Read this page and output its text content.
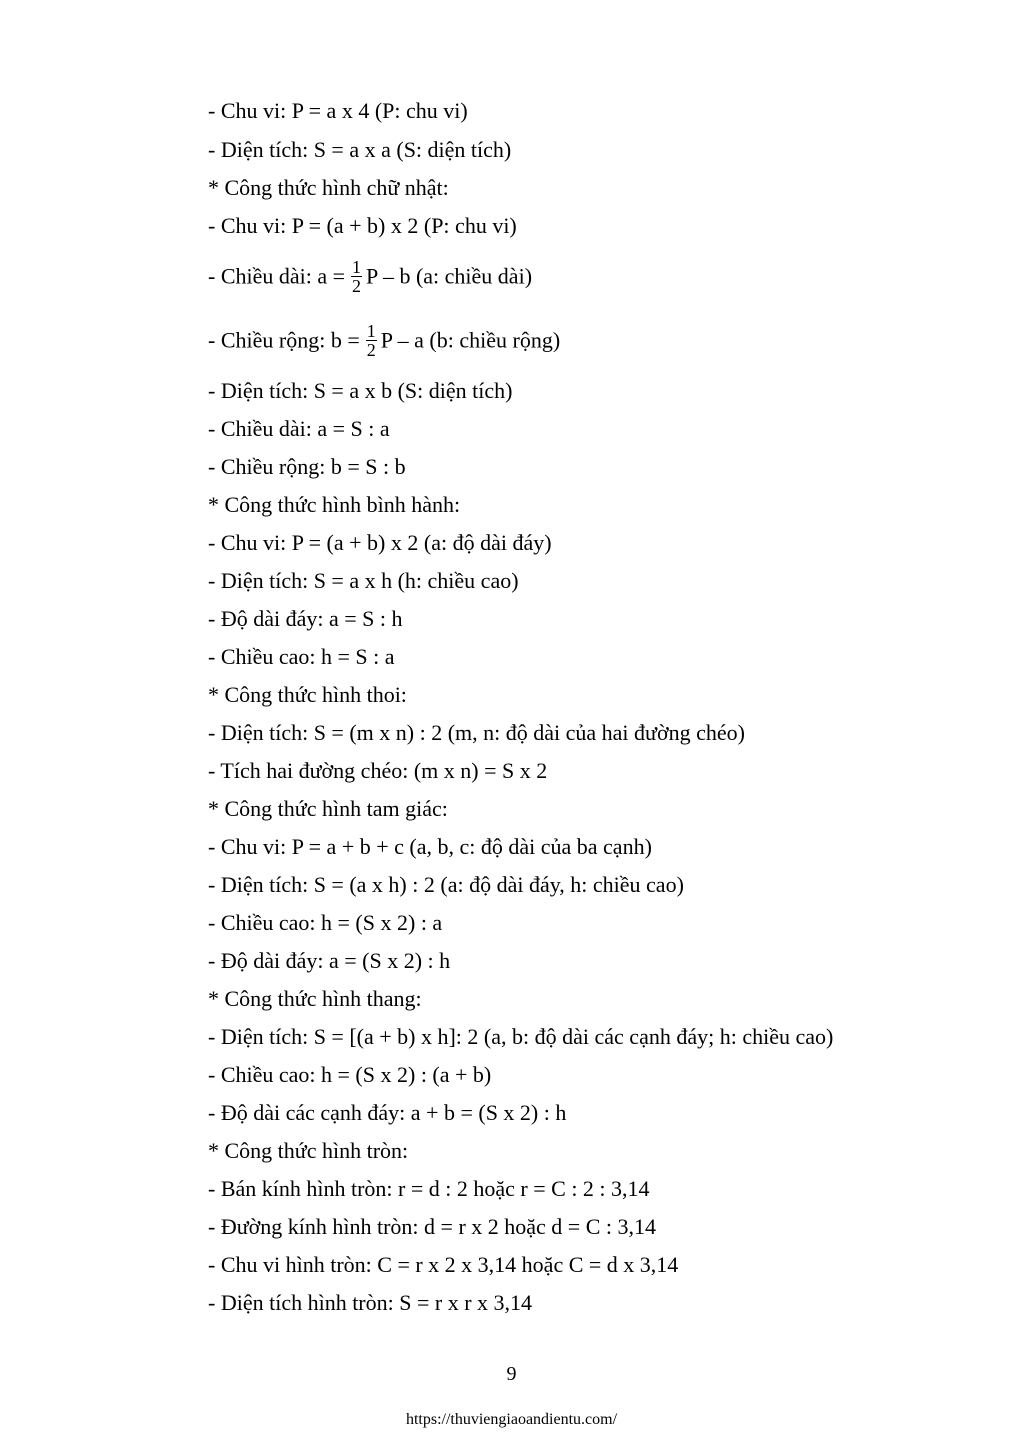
- Chu vi: P = a x 4 (P: chu vi)
- Diện tích: S = a x a (S: diện tích)
* Công thức hình chữ nhật:
- Chu vi: P = (a + b) x 2 (P: chu vi)
- Chiều dài: $a = \frac{1}{2}$ P – b (a: chiều dài)
- Chiều rộng: $b = \frac{1}{2}$ P – a (b: chiều rộng)
- Diện tích: S = a x b (S: diện tích)
- Chiều dài: a = S : a
- Chiều rộng: b = S : b
* Công thức hình bình hành:
- Chu vi: P = (a + b) x 2 (a: độ dài đáy)
- Diện tích: S = a x h (h: chiều cao)
- Độ dài đáy: a = S : h
- Chiều cao: h = S : a
* Công thức hình thoi:
- Diện tích: S = (m x n) : 2 (m, n: độ dài của hai đường chéo)
- Tích hai đường chéo: (m x n) = S x 2
* Công thức hình tam giác:
- Chu vi: P = a + b + c (a, b, c: độ dài của ba cạnh)
- Diện tích: S = (a x h) : 2 (a: độ dài đáy, h: chiều cao)
- Chiều cao: h = (S x 2) : a
- Độ dài đáy: a = (S x 2) : h
* Công thức hình thang:
- Diện tích: S = [(a + b) x h]: 2 (a, b: độ dài các cạnh đáy; h: chiều cao)
- Chiều cao: h = (S x 2) : (a + b)
- Độ dài các cạnh đáy: a + b = (S x 2) : h
* Công thức hình tròn:
- Bán kính hình tròn: r = d : 2 hoặc r = C : 2 : 3,14
- Đường kính hình tròn: d = r x 2 hoặc d = C : 3,14
- Chu vi hình tròn: C = r x 2 x 3,14 hoặc C = d x 3,14
- Diện tích hình tròn: S = r x r x 3,14
9
https://thuviengiaoandientu.com/
